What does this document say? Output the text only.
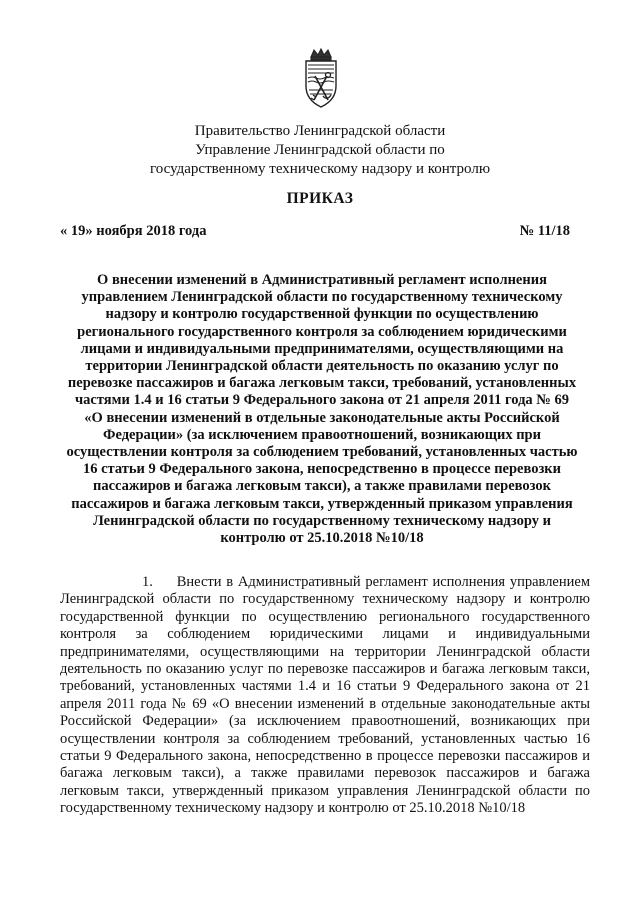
Правительство Ленинградской области
Управление Ленинградской области по
государственному техническому надзору и контролю
ПРИКАЗ
« 19» ноября 2018 года	№ 11/18
О внесении изменений в Административный регламент исполнения управлением Ленинградской области по государственному техническому надзору и контролю государственной функции по осуществлению регионального государственного контроля за соблюдением юридическими лицами и индивидуальными предпринимателями, осуществляющими на территории Ленинградской области деятельность по оказанию услуг по перевозке пассажиров и багажа легковым такси, требований, установленных частями 1.4 и 16 статьи 9 Федерального закона от 21 апреля 2011 года № 69 «О внесении изменений в отдельные законодательные акты Российской Федерации» (за исключением правоотношений, возникающих при осуществлении контроля за соблюдением требований, установленных частью 16 статьи 9 Федерального закона, непосредственно в процессе перевозки пассажиров и багажа легковым такси), а также правилами перевозок пассажиров и багажа легковым такси, утвержденный приказом управления Ленинградской области по государственному техническому надзору и контролю от 25.10.2018 №10/18
1. Внести в Административный регламент исполнения управлением Ленинградской области по государственному техническому надзору и контролю государственной функции по осуществлению регионального государственного контроля за соблюдением юридическими лицами и индивидуальными предпринимателями, осуществляющими на территории Ленинградской области деятельность по оказанию услуг по перевозке пассажиров и багажа легковым такси, требований, установленных частями 1.4 и 16 статьи 9 Федерального закона от 21 апреля 2011 года № 69 «О внесении изменений в отдельные законодательные акты Российской Федерации» (за исключением правоотношений, возникающих при осуществлении контроля за соблюдением требований, установленных частью 16 статьи 9 Федерального закона, непосредственно в процессе перевозки пассажиров и багажа легковым такси), а также правилами перевозок пассажиров и багажа легковым такси, утвержденный приказом управления Ленинградской области по государственному техническому надзору и контролю от 25.10.2018 №10/18
